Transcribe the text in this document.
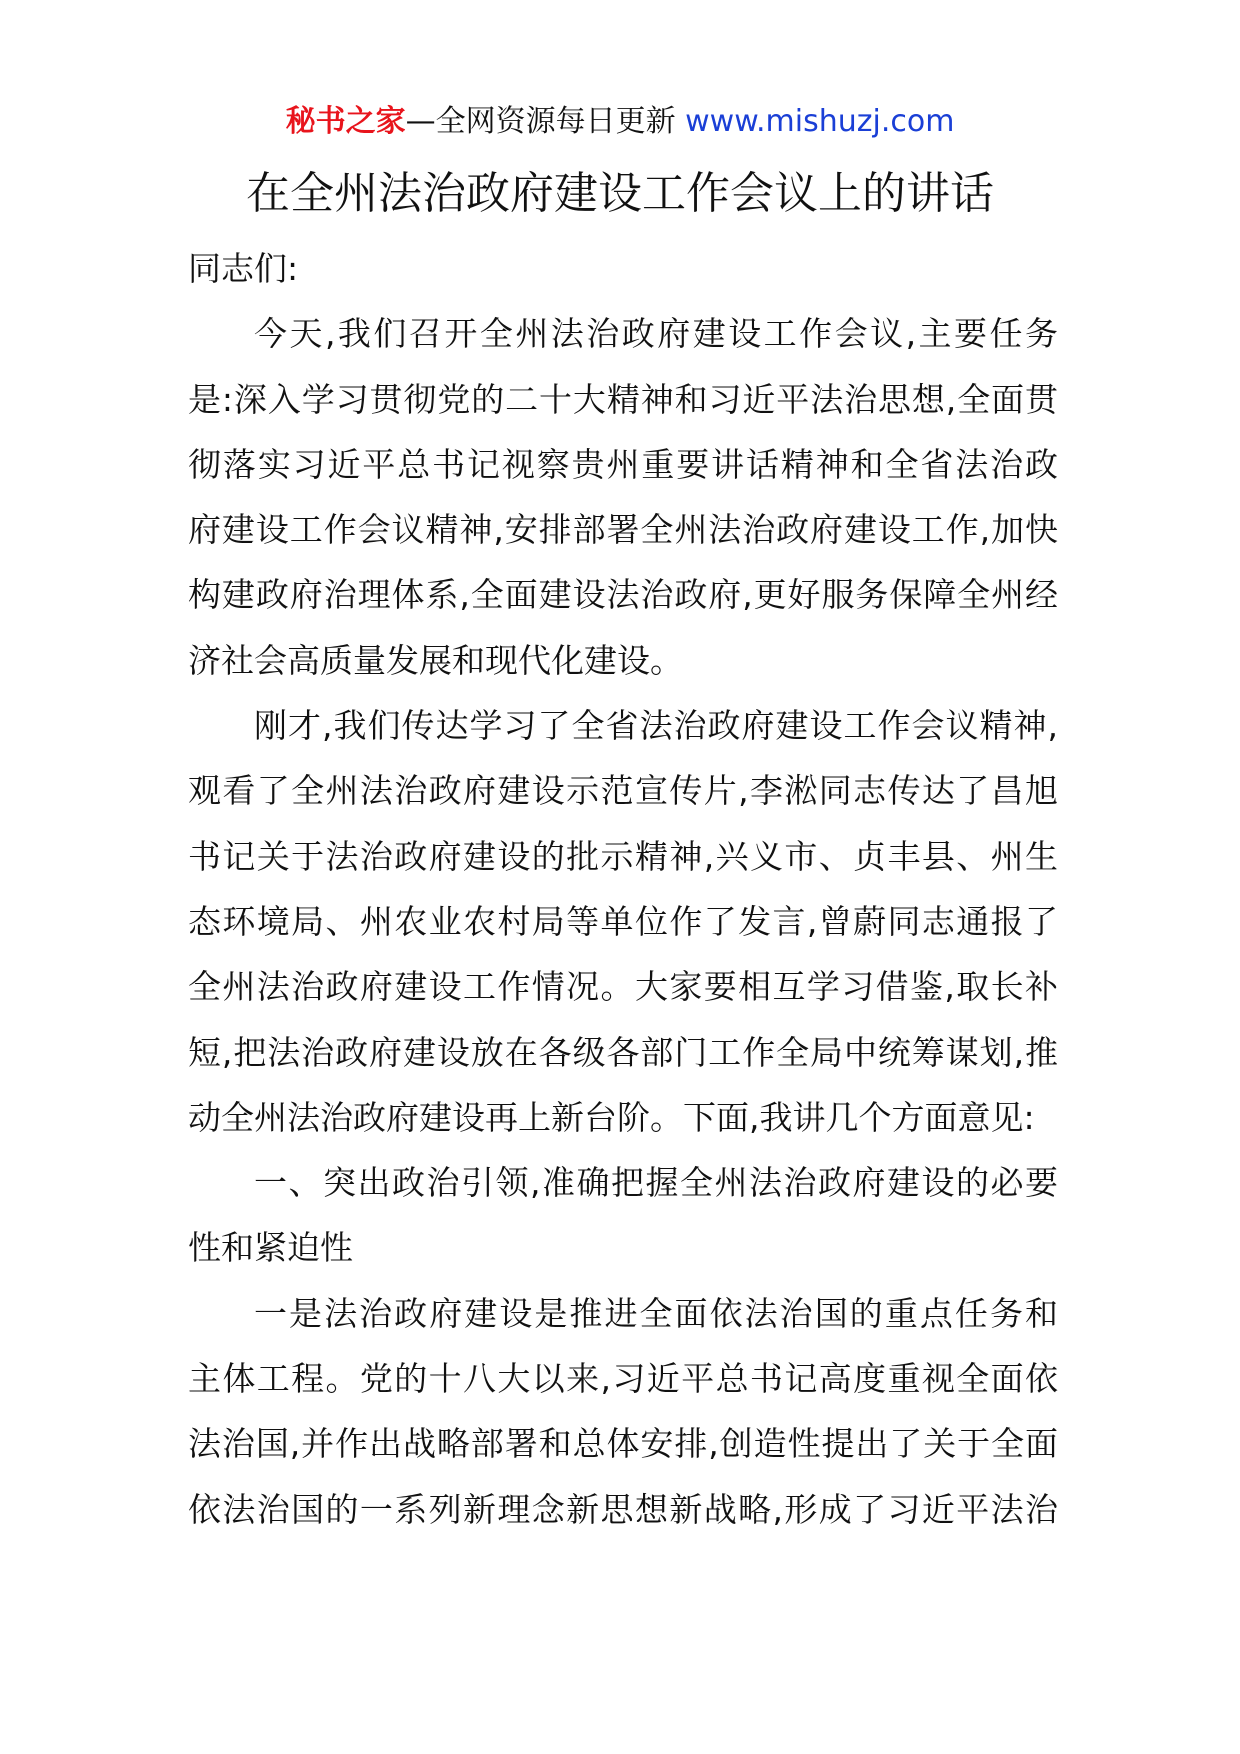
秘书之家—全网资源每日更新 www.mishuzj.com
在全州法治政府建设工作会议上的讲话
同志们:
今天,我们召开全州法治政府建设工作会议,主要任务
是:深入学习贯彻党的二十大精神和习近平法治思想,全面贯
彻落实习近平总书记视察贵州重要讲话精神和全省法治政
府建设工作会议精神,安排部署全州法治政府建设工作,加快
构建政府治理体系,全面建设法治政府,更好服务保障全州经
济社会高质量发展和现代化建设。
刚才,我们传达学习了全省法治政府建设工作会议精神,
观看了全州法治政府建设示范宣传片,李淞同志传达了昌旭
书记关于法治政府建设的批示精神,兴义市、贞丰县、州生
态环境局、州农业农村局等单位作了发言,曾蔚同志通报了
全州法治政府建设工作情况。大家要相互学习借鉴,取长补
短,把法治政府建设放在各级各部门工作全局中统筹谋划,推
动全州法治政府建设再上新台阶。下面,我讲几个方面意见:
一、突出政治引领,准确把握全州法治政府建设的必要
性和紧迫性
一是法治政府建设是推进全面依法治国的重点任务和
主体工程。党的十八大以来,习近平总书记高度重视全面依
法治国,并作出战略部署和总体安排,创造性提出了关于全面
依法治国的一系列新理念新思想新战略,形成了习近平法治
